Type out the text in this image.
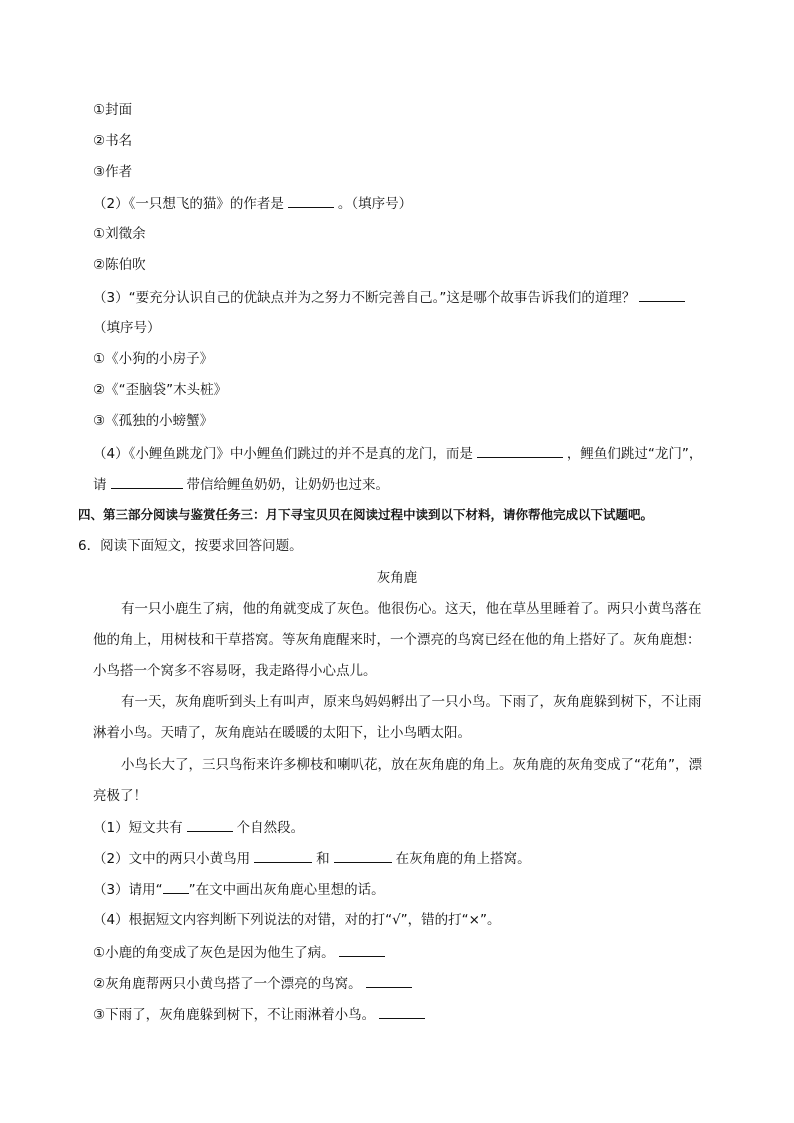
①封面
②书名
③作者
（2）《一只想飞的猫》的作者是	。（填序号）
①刘徵余
②陈伯吹
（3）“要充分认识自己的优缺点并为之努力不断完善自己。”这是哪个故事告诉我们的道理？
（填序号）
①《小狗的小房子》
②《“歪脑袋”木头桩》
③《孤独的小螃蟹》
（4）《小鲤鱼跳龙门》中小鲤鱼们跳过的并不是真的龙门，而是	，鲤鱼们跳过“龙门”，
请	带信给鲤鱼奶奶，让奶奶也过来。
四、第三部分阅读与鉴赏任务三：月下寻宝贝贝在阅读过程中读到以下材料，请你帮他完成以下试题吧。
6．阅读下面短文，按要求回答问题。
灰角鹿
有一只小鹿生了病，他的角就变成了灰色。他很伤心。这天，他在草丛里睡着了。两只小黄鸟落在
他的角上，用树枝和干草搭窝。等灰角鹿醒来时，一个漂亮的鸟窝已经在他的角上搭好了。灰角鹿想：
小鸟搭一个窝多不容易呀，我走路得小心点儿。
有一天，灰角鹿听到头上有叫声，原来鸟妈妈孵出了一只小鸟。下雨了，灰角鹿躲到树下，不让雨
淋着小鸟。天晴了，灰角鹿站在暖暖的太阳下，让小鸟晒太阳。
小鸟长大了，三只鸟衔来许多柳枝和喇叭花，放在灰角鹿的角上。灰角鹿的灰角变成了“花角”，漂
亮极了！
（1）短文共有	个自然段。
（2）文中的两只小黄鸟用	和	在灰角鹿的角上搭窝。
（3）请用“ ”在文中画出灰角鹿心里想的话。
（4）根据短文内容判断下列说法的对错，对的打“√”，错的打“×”。
①小鹿的角变成了灰色是因为他生了病。
②灰角鹿帮两只小黄鸟搭了一个漂亮的鸟窝。
③下雨了，灰角鹿躲到树下，不让雨淋着小鸟。
